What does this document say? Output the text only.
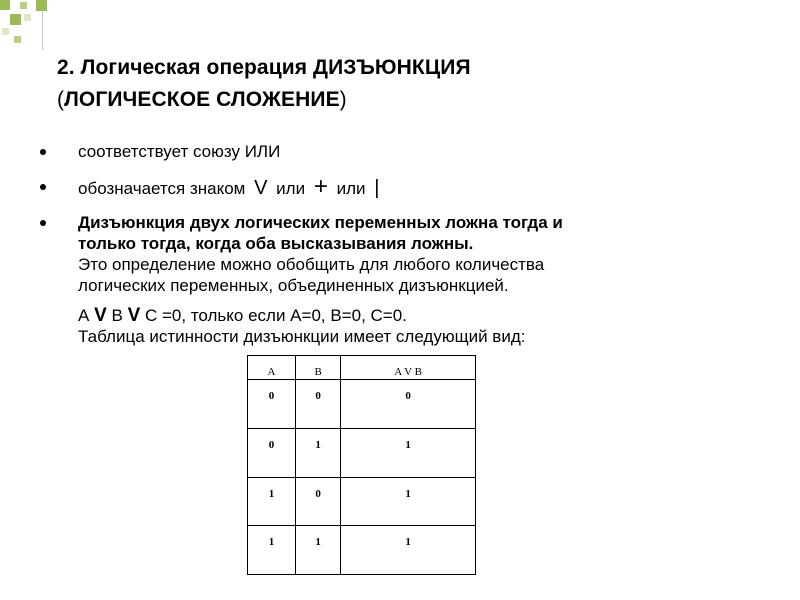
2. Логическая операция ДИЗЪЮНКЦИЯ
(ЛОГИЧЕСКОЕ СЛОЖЕНИЕ)
соответствует союзу ИЛИ
обозначается знаком V или + или |
Дизъюнкция двух логических переменных ложна тогда и
только тогда, когда оба высказывания ложны.
Это определение можно обобщить для любого количества
логических переменных, объединенных дизъюнкцией.
А V В V С =0, только если А=0, В=0, С=0.
Таблица истинности дизъюнкции имеет следующий вид:
A	B	A V B
0	0	0
0	1	1
1	0	1
1	1	1
